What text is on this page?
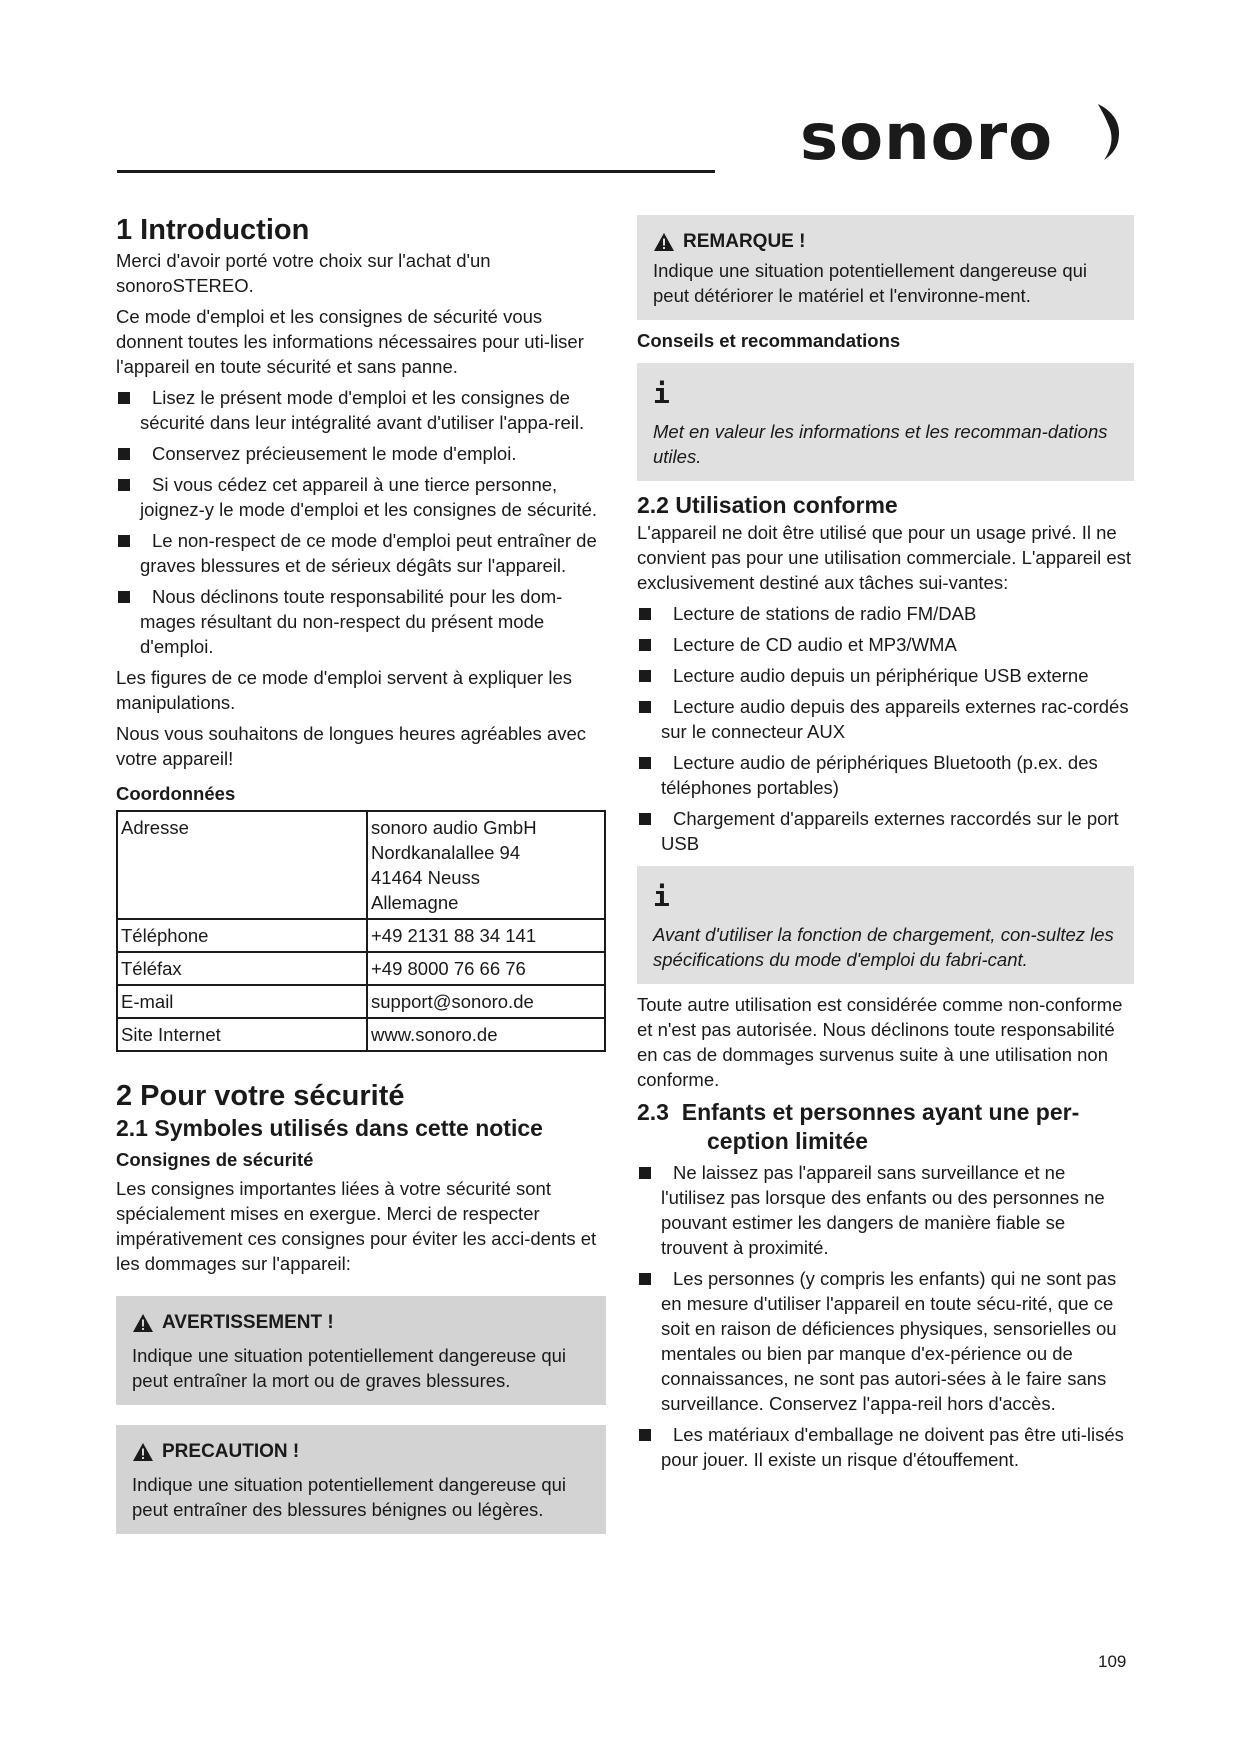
sonoro
1 Introduction

Merci d'avoir porté votre choix sur l'achat d'un sonoroSTEREO.

Ce mode d'emploi et les consignes de sécurité vous donnent toutes les informations nécessaires pour uti-liser l'appareil en toute sécurité et sans panne.

Lisez le présent mode d'emploi et les consignes de sécurité dans leur intégralité avant d'utiliser l'appa-reil.
Conservez précieusement le mode d'emploi.
Si vous cédez cet appareil à une tierce personne, joignez-y le mode d'emploi et les consignes de sécurité.
Le non-respect de ce mode d'emploi peut entraîner de graves blessures et de sérieux dégâts sur l'appareil.
Nous déclinons toute responsabilité pour les dom-mages résultant du non-respect du présent mode d'emploi.

Les figures de ce mode d'emploi servent à expliquer les manipulations.

Nous vous souhaitons de longues heures agréables avec votre appareil!

Coordonnées

Adresse	sonoro audio GmbH
Nordkanalallee 94
41464 Neuss
Allemagne
Téléphone	+49 2131 88 34 141
Téléfax	+49 8000 76 66 76
E-mail	support@sonoro.de
Site Internet	www.sonoro.de
2 Pour votre sécurité
2.1 Symboles utilisés dans cette notice

Consignes de sécurité

Les consignes importantes liées à votre sécurité sont spécialement mises en exergue. Merci de respecter impérativement ces consignes pour éviter les acci-dents et les dommages sur l'appareil:

AVERTISSEMENT !
Indique une situation potentiellement dangereuse qui peut entraîner la mort ou de graves blessures.
PRECAUTION !
Indique une situation potentiellement dangereuse qui peut entraîner des blessures bénignes ou légères.
REMARQUE !
Indique une situation potentiellement dangereuse qui peut détériorer le matériel et l'environne-ment.

Conseils et recommandations

i
Met en valeur les informations et les recomman-dations utiles.
2.2 Utilisation conforme

L'appareil ne doit être utilisé que pour un usage privé. Il ne convient pas pour une utilisation commerciale. L'appareil est exclusivement destiné aux tâches sui-vantes:

Lecture de stations de radio FM/DAB
Lecture de CD audio et MP3/WMA
Lecture audio depuis un périphérique USB externe
Lecture audio depuis des appareils externes rac-cordés sur le connecteur AUX
Lecture audio de périphériques Bluetooth (p.ex. des téléphones portables)
Chargement d'appareils externes raccordés sur le port USB
i
Avant d'utiliser la fonction de chargement, con-sultez les spécifications du mode d'emploi du fabri-cant.

Toute autre utilisation est considérée comme non-conforme et n'est pas autorisée. Nous déclinons toute responsabilité en cas de dommages survenus suite à une utilisation non conforme.

2.3 Enfants et personnes ayant une per-
ception limitée
Ne laissez pas l'appareil sans surveillance et ne l'utilisez pas lorsque des enfants ou des personnes ne pouvant estimer les dangers de manière fiable se trouvent à proximité.
Les personnes (y compris les enfants) qui ne sont pas en mesure d'utiliser l'appareil en toute sécu-rité, que ce soit en raison de déficiences physiques, sensorielles ou mentales ou bien par manque d'ex-périence ou de connaissances, ne sont pas autori-sées à le faire sans surveillance. Conservez l'appa-reil hors d'accès.
Les matériaux d'emballage ne doivent pas être uti-lisés pour jouer. Il existe un risque d'étouffement.
109
